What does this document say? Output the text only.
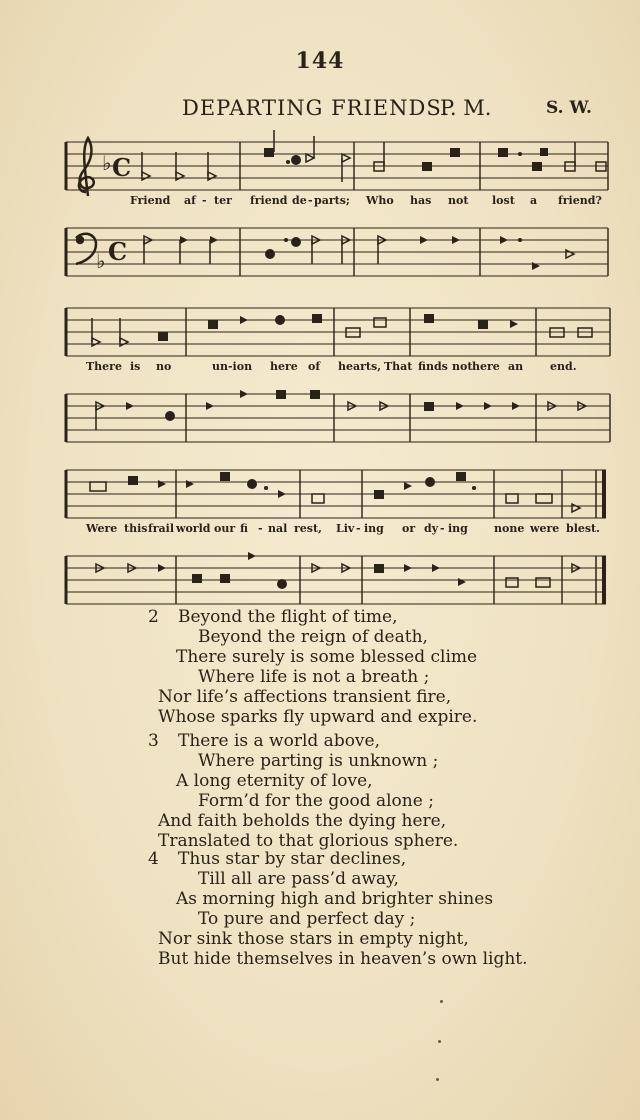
144
DEPARTING FRIENDS.
P. M.	S. W.
♭ C
Friend af - ter friend de - parts; Who has not lost a friend?
♭ C
There is no	un-ion here of hearts, That finds not here an end.
Were this frail world our fi - nal rest, Liv - ing or dy - ing none were blest.
2 Beyond the flight of time,
Beyond the reign of death,
There surely is some blessed clime
Where life is not a breath ;
Nor life’s affections transient fire,
Whose sparks fly upward and expire.
3 There is a world above,
Where parting is unknown ;
A long eternity of love,
Form’d for the good alone ;
And faith beholds the dying here,
Translated to that glorious sphere.
4 Thus star by star declines,
Till all are pass’d away,
As morning high and brighter shines
To pure and perfect day ;
Nor sink those stars in empty night,
But hide themselves in heaven’s own light.
